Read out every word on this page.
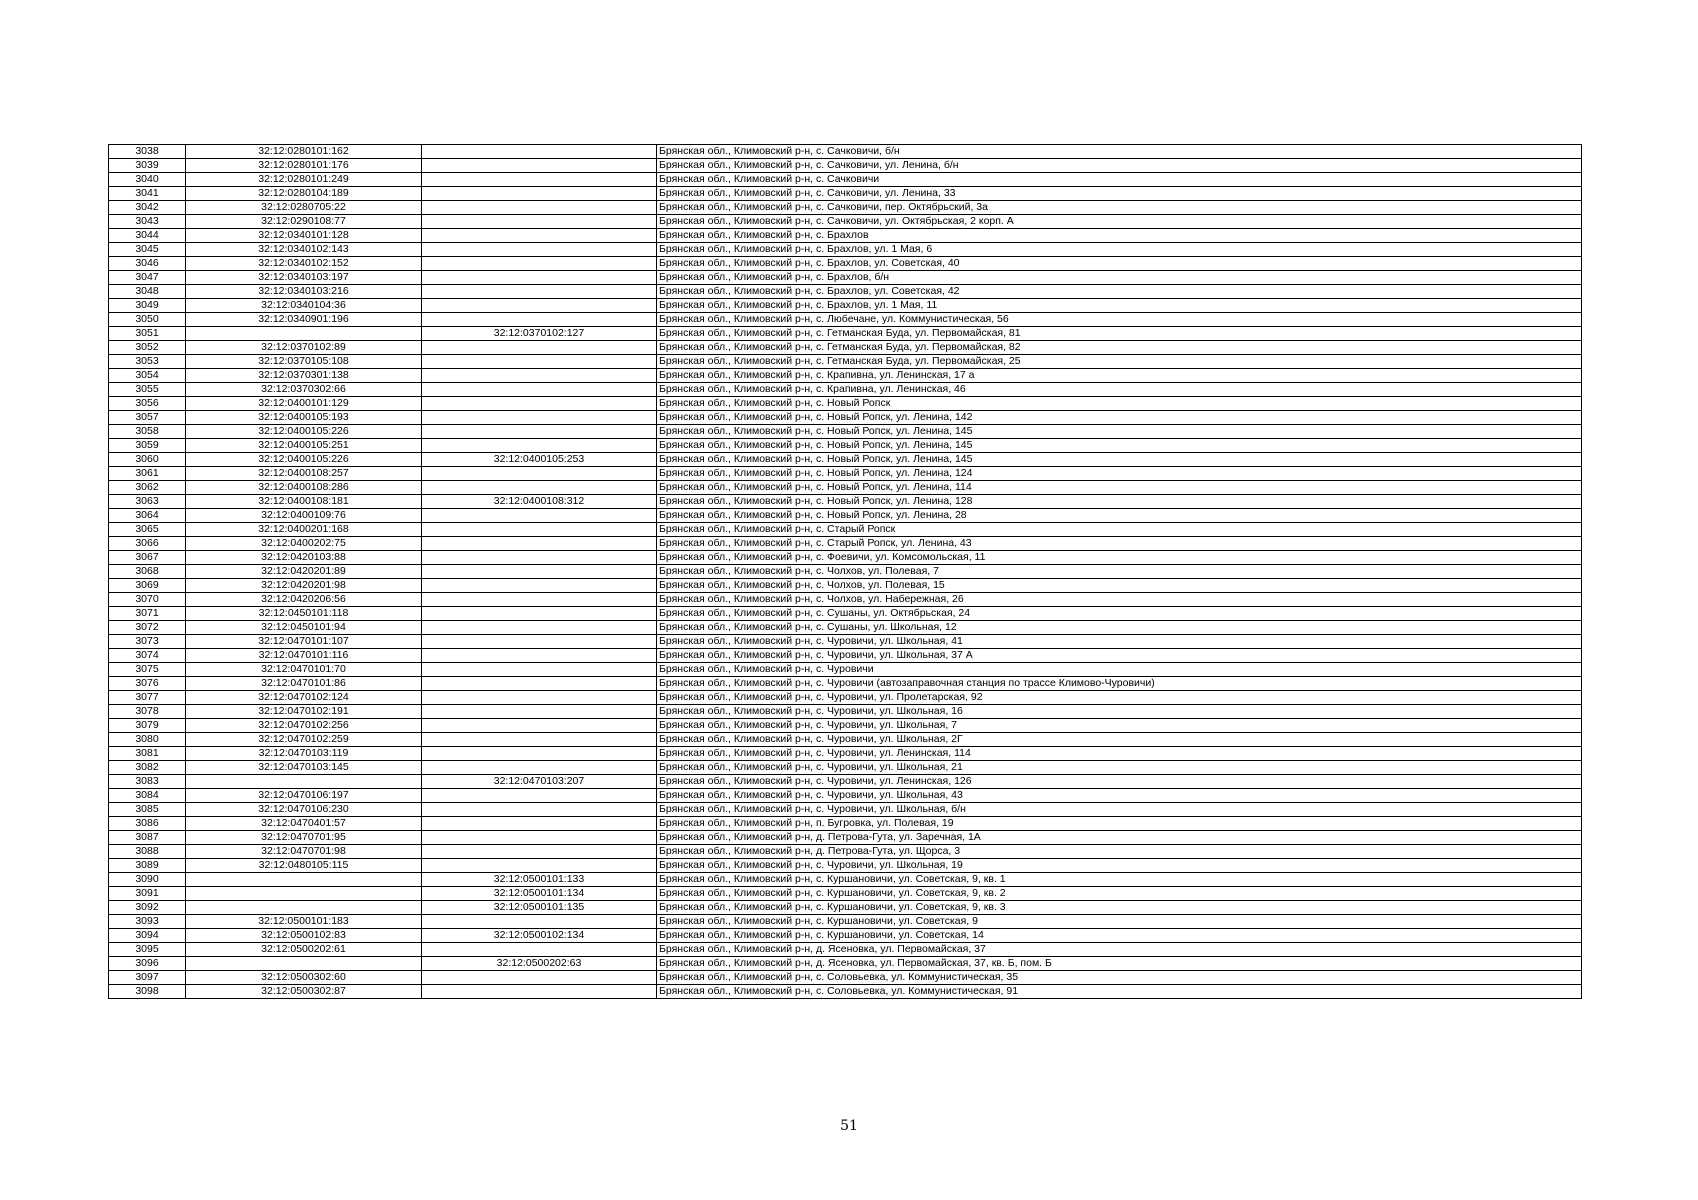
3038	32:12:0280101:162		Брянская обл., Климовский р-н, с. Сачковичи, б/н
3039	32:12:0280101:176		Брянская обл., Климовский р-н, с. Сачковичи, ул. Ленина, б/н
3040	32:12:0280101:249		Брянская обл., Климовский р-н, с. Сачковичи
3041	32:12:0280104:189		Брянская обл., Климовский р-н, с. Сачковичи, ул. Ленина, 33
3042	32:12:0280705:22		Брянская обл., Климовский р-н, с. Сачковичи, пер. Октябрьский, 3а
3043	32:12:0290108:77		Брянская обл., Климовский р-н, с. Сачковичи, ул. Октябрьская, 2 корп. А
3044	32:12:0340101:128		Брянская обл., Климовский р-н, с. Брахлов
3045	32:12:0340102:143		Брянская обл., Климовский р-н, с. Брахлов, ул. 1 Мая, 6
3046	32:12:0340102:152		Брянская обл., Климовский р-н, с. Брахлов, ул. Советская, 40
3047	32:12:0340103:197		Брянская обл., Климовский р-н, с. Брахлов, б/н
3048	32:12:0340103:216		Брянская обл., Климовский р-н, с. Брахлов, ул. Советская, 42
3049	32:12:0340104:36		Брянская обл., Климовский р-н, с. Брахлов, ул. 1 Мая, 11
3050	32:12:0340901:196		Брянская обл., Климовский р-н, с. Любечане, ул. Коммунистическая, 56
3051		32:12:0370102:127	Брянская обл., Климовский р-н, с. Гетманская Буда, ул. Первомайская, 81
3052	32:12:0370102:89		Брянская обл., Климовский р-н, с. Гетманская Буда, ул. Первомайская, 82
3053	32:12:0370105:108		Брянская обл., Климовский р-н, с. Гетманская Буда, ул. Первомайская, 25
3054	32:12:0370301:138		Брянская обл., Климовский р-н, с. Крапивна, ул. Ленинская, 17 а
3055	32:12:0370302:66		Брянская обл., Климовский р-н, с. Крапивна, ул. Ленинская, 46
3056	32:12:0400101:129		Брянская обл., Климовский р-н, с. Новый Ропск
3057	32:12:0400105:193		Брянская обл., Климовский р-н, с. Новый Ропск, ул. Ленина, 142
3058	32:12:0400105:226		Брянская обл., Климовский р-н, с. Новый Ропск, ул. Ленина, 145
3059	32:12:0400105:251		Брянская обл., Климовский р-н, с. Новый Ропск, ул. Ленина, 145
3060	32:12:0400105:226	32:12:0400105:253	Брянская обл., Климовский р-н, с. Новый Ропск, ул. Ленина, 145
3061	32:12:0400108:257		Брянская обл., Климовский р-н, с. Новый Ропск, ул. Ленина, 124
3062	32:12:0400108:286		Брянская обл., Климовский р-н, с. Новый Ропск, ул. Ленина, 114
3063	32:12:0400108:181	32:12:0400108:312	Брянская обл., Климовский р-н, с. Новый Ропск, ул. Ленина, 128
3064	32:12:0400109:76		Брянская обл., Климовский р-н, с. Новый Ропск, ул. Ленина, 28
3065	32:12:0400201:168		Брянская обл., Климовский р-н, с. Старый Ропск
3066	32:12:0400202:75		Брянская обл., Климовский р-н, с. Старый Ропск, ул. Ленина, 43
3067	32:12:0420103:88		Брянская обл., Климовский р-н, с. Фоевичи, ул. Комсомольская, 11
3068	32:12:0420201:89		Брянская обл., Климовский р-н, с. Чолхов, ул. Полевая, 7
3069	32:12:0420201:98		Брянская обл., Климовский р-н, с. Чолхов, ул. Полевая, 15
3070	32:12:0420206:56		Брянская обл., Климовский р-н, с. Чолхов, ул. Набережная, 26
3071	32:12:0450101:118		Брянская обл., Климовский р-н, с. Сушаны, ул. Октябрьская, 24
3072	32:12:0450101:94		Брянская обл., Климовский р-н, с. Сушаны, ул. Школьная, 12
3073	32:12:0470101:107		Брянская обл., Климовский р-н, с. Чуровичи, ул. Школьная, 41
3074	32:12:0470101:116		Брянская обл., Климовский р-н, с. Чуровичи, ул. Школьная, 37 А
3075	32:12:0470101:70		Брянская обл., Климовский р-н, с. Чуровичи
3076	32:12:0470101:86		Брянская обл., Климовский р-н, с. Чуровичи (автозаправочная станция по трассе Климово-Чуровичи)
3077	32:12:0470102:124		Брянская обл., Климовский р-н, с. Чуровичи, ул. Пролетарская, 92
3078	32:12:0470102:191		Брянская обл., Климовский р-н, с. Чуровичи, ул. Школьная, 16
3079	32:12:0470102:256		Брянская обл., Климовский р-н, с. Чуровичи, ул. Школьная, 7
3080	32:12:0470102:259		Брянская обл., Климовский р-н, с. Чуровичи, ул. Школьная, 2Г
3081	32:12:0470103:119		Брянская обл., Климовский р-н, с. Чуровичи, ул. Ленинская, 114
3082	32:12:0470103:145		Брянская обл., Климовский р-н, с. Чуровичи, ул. Школьная, 21
3083		32:12:0470103:207	Брянская обл., Климовский р-н, с. Чуровичи, ул. Ленинская, 126
3084	32:12:0470106:197		Брянская обл., Климовский р-н, с. Чуровичи, ул. Школьная, 43
3085	32:12:0470106:230		Брянская обл., Климовский р-н, с. Чуровичи, ул. Школьная, б/н
3086	32:12:0470401:57		Брянская обл., Климовский р-н, п. Бугровка, ул. Полевая, 19
3087	32:12:0470701:95		Брянская обл., Климовский р-н, д. Петрова-Гута, ул. Заречная, 1А
3088	32:12:0470701:98		Брянская обл., Климовский р-н, д. Петрова-Гута, ул. Щорса, 3
3089	32:12:0480105:115		Брянская обл., Климовский р-н, с. Чуровичи, ул. Школьная, 19
3090		32:12:0500101:133	Брянская обл., Климовский р-н, с. Куршановичи, ул. Советская, 9, кв. 1
3091		32:12:0500101:134	Брянская обл., Климовский р-н, с. Куршановичи, ул. Советская, 9, кв. 2
3092		32:12:0500101:135	Брянская обл., Климовский р-н, с. Куршановичи, ул. Советская, 9, кв. 3
3093	32:12:0500101:183		Брянская обл., Климовский р-н, с. Куршановичи, ул. Советская, 9
3094	32:12:0500102:83	32:12:0500102:134	Брянская обл., Климовский р-н, с. Куршановичи, ул. Советская, 14
3095	32:12:0500202:61		Брянская обл., Климовский р-н, д. Ясеновка, ул. Первомайская, 37
3096		32:12:0500202:63	Брянская обл., Климовский р-н, д. Ясеновка, ул. Первомайская, 37, кв. Б, пом. Б
3097	32:12:0500302:60		Брянская обл., Климовский р-н, с. Соловьевка, ул. Коммунистическая, 35
3098	32:12:0500302:87		Брянская обл., Климовский р-н, с. Соловьевка, ул. Коммунистическая, 91
51
